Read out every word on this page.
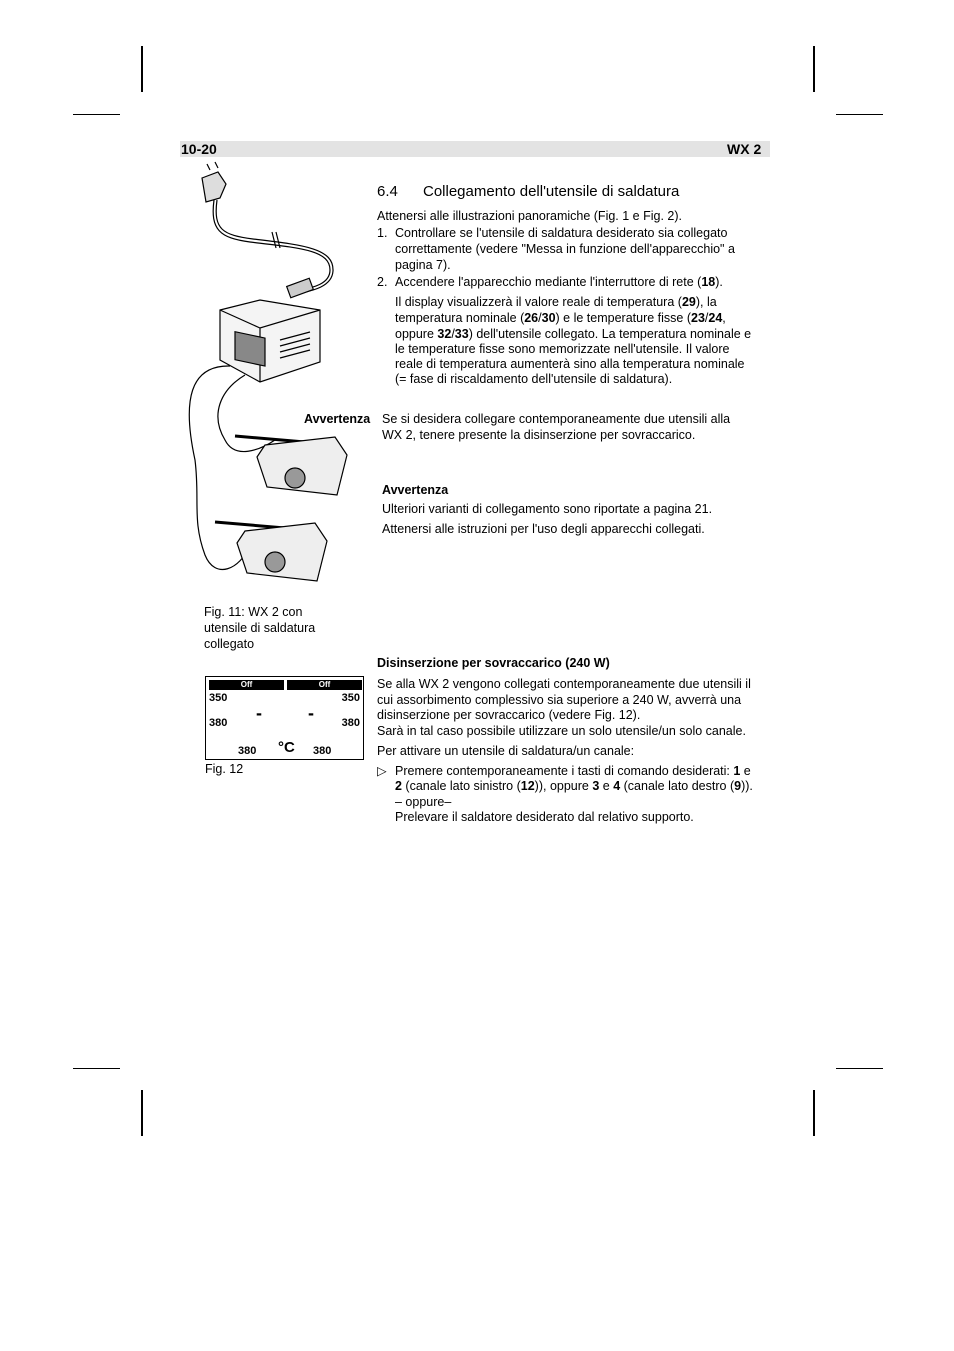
10-20	WX 2
Fig. 11: WX 2 con
utensile di saldatura
collegato
6.4 Collegamento dell'utensile di saldatura
Attenersi alle illustrazioni panoramiche (Fig. 1 e Fig. 2).
1. Controllare se l'utensile di saldatura desiderato sia collegato
correttamente (vedere "Messa in funzione dell'apparecchio" a
pagina 7).
2. Accendere l'apparecchio mediante l'interruttore di rete (18).
Il display visualizzerà il valore reale di temperatura (29), la
temperatura nominale (26/30) e le temperature fisse (23/24,
oppure 32/33) dell'utensile collegato. La temperatura nominale e
le temperature fisse sono memorizzate nell'utensile. Il valore
reale di temperatura aumenterà sino alla temperatura nominale
(= fase di riscaldamento dell'utensile di saldatura).
Avvertenza Se si desidera collegare contemporaneamente due utensili alla
WX 2, tenere presente la disinserzione per sovraccarico.
Avvertenza
Ulteriori varianti di collegamento sono riportate a pagina 21.
Attenersi alle istruzioni per l'uso degli apparecchi collegati.
Disinserzione per sovraccarico (240 W)
Se alla WX 2 vengono collegati contemporaneamente due utensili il
cui assorbimento complessivo sia superiore a 240 W, avverrà una
disinserzione per sovraccarico (vedere Fig. 12).
Sarà in tal caso possibile utilizzare un solo utensile/un solo canale.
Per attivare un utensile di saldatura/un canale:
▷ Premere contemporaneamente i tasti di comando desiderati: 1 e
2 (canale lato sinistro (12)), oppure 3 e 4 (canale lato destro (9)).
– oppure–
Prelevare il saldatore desiderato dal relativo supporto.
Off	Off
350	350
-	-
380	380
380 °C 380
Fig. 12
